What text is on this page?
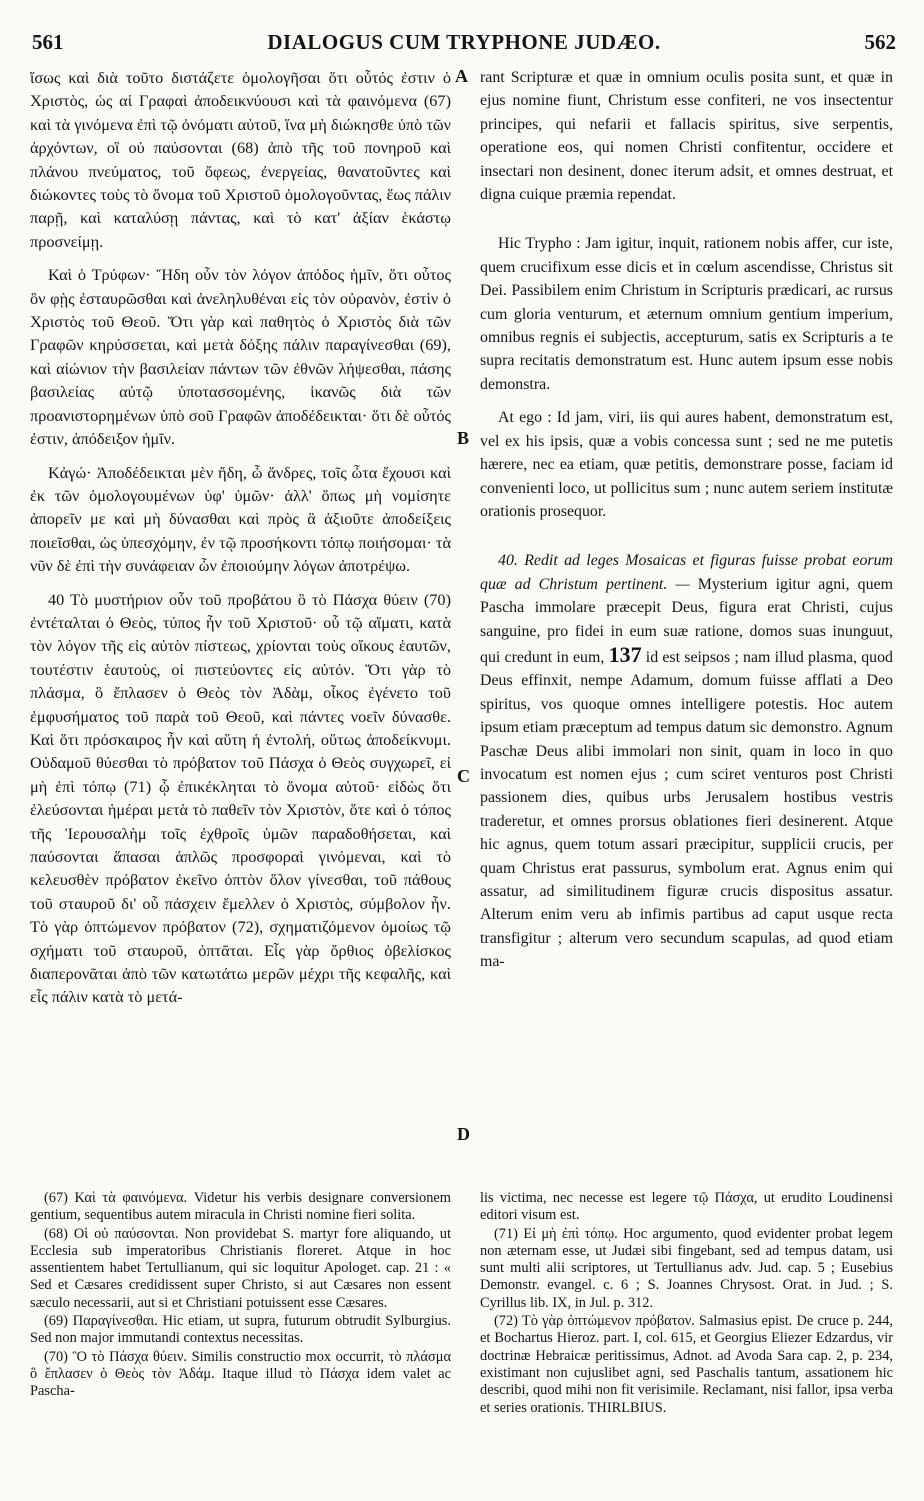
561	DIALOGUS CUM TRYPHONE JUDÆO.	562
A
B
C
D

ἴσως καὶ διὰ τοῦτο διστάζετε ὁμολογῆσαι ὅτι οὗτός ἐστιν ὁ Χριστὸς, ὡς αἱ Γραφαὶ ἀποδεικνύουσι καὶ τὰ φαινόμενα (67) καὶ τὰ γινόμενα ἐπὶ τῷ ὀνόματι αὐτοῦ, ἵνα μὴ διώκησθε ὑπὸ τῶν ἀρχόντων, οἳ οὐ παύσονται (68) ἀπὸ τῆς τοῦ πονηροῦ καὶ πλάνου πνεύματος, τοῦ ὄφεως, ἐνεργείας, θανατοῦντες καὶ διώκοντες τοὺς τὸ ὄνομα τοῦ Χριστοῦ ὁμολογοῦντας, ἕως πάλιν παρῇ, καὶ καταλύσῃ πάντας, καὶ τὸ κατ' ἀξίαν ἑκάστῳ προσνείμῃ.

Καὶ ὁ Τρύφων· Ἤδη οὖν τὸν λόγον ἀπόδος ἡμῖν, ὅτι οὗτος ὃν φῂς ἐσταυρῶσθαι καὶ ἀνεληλυθέναι εἰς τὸν οὐρανὸν, ἐστὶν ὁ Χριστὸς τοῦ Θεοῦ. Ὅτι γὰρ καὶ παθητὸς ὁ Χριστὸς διὰ τῶν Γραφῶν κηρύσσεται, καὶ μετὰ δόξης πάλιν παραγίνεσθαι (69), καὶ αἰώνιον τὴν βασιλείαν πάντων τῶν ἐθνῶν λήψεσθαι, πάσης βασιλείας αὐτῷ ὑποτασσομένης, ἱκανῶς διὰ τῶν προανιστορημένων ὑπὸ σοῦ Γραφῶν ἀποδέδεικται· ὅτι δὲ οὗτός ἐστιν, ἀπόδειξον ἡμῖν.

Κἀγώ· Ἀποδέδεικται μὲν ἤδη, ὦ ἄνδρες, τοῖς ὦτα ἔχουσι καὶ ἐκ τῶν ὁμολογουμένων ὑφ' ὑμῶν· ἀλλ' ὅπως μὴ νομίσητε ἀπορεῖν με καὶ μὴ δύνασθαι καὶ πρὸς ἃ ἀξιοῦτε ἀποδείξεις ποιεῖσθαι, ὡς ὑπεσχόμην, ἐν τῷ προσήκοντι τόπῳ ποιήσομαι· τὰ νῦν δὲ ἐπὶ τὴν συνάφειαν ὧν ἐποιούμην λόγων ἀποτρέψω.

40 Τὸ μυστήριον οὖν τοῦ προβάτου ὃ τὸ Πάσχα θύειν (70) ἐντέταλται ὁ Θεὸς, τύπος ἦν τοῦ Χριστοῦ· οὗ τῷ αἵματι, κατὰ τὸν λόγον τῆς εἰς αὐτὸν πίστεως, χρίονται τοὺς οἴκους ἑαυτῶν, τουτέστιν ἑαυτοὺς, οἱ πιστεύοντες εἰς αὐτόν. Ὅτι γὰρ τὸ πλάσμα, ὃ ἔπλασεν ὁ Θεὸς τὸν Ἀδὰμ, οἶκος ἐγένετο τοῦ ἐμφυσήματος τοῦ παρὰ τοῦ Θεοῦ, καὶ πάντες νοεῖν δύνασθε. Καὶ ὅτι πρόσκαιρος ἦν καὶ αὕτη ἡ ἐντολή, οὕτως ἀποδείκνυμι. Οὐδαμοῦ θύεσθαι τὸ πρόβατον τοῦ Πάσχα ὁ Θεὸς συγχωρεῖ, εἰ μὴ ἐπὶ τόπῳ (71) ᾧ ἐπικέκληται τὸ ὄνομα αὐτοῦ· εἰδὼς ὅτι ἐλεύσονται ἡμέραι μετὰ τὸ παθεῖν τὸν Χριστὸν, ὅτε καὶ ὁ τόπος τῆς Ἱερουσαλὴμ τοῖς ἐχθροῖς ὑμῶν παραδοθήσεται, καὶ παύσονται ἅπασαι ἁπλῶς προσφοραὶ γινόμεναι, καὶ τὸ κελευσθὲν πρόβατον ἐκεῖνο ὀπτὸν ὅλον γίνεσθαι, τοῦ πάθους τοῦ σταυροῦ δι' οὗ πάσχειν ἔμελλεν ὁ Χριστὸς, σύμβολον ἦν. Τὸ γὰρ ὀπτώμενον πρόβατον (72), σχηματιζόμενον ὁμοίως τῷ σχήματι τοῦ σταυροῦ, ὀπτᾶται. Εἷς γὰρ ὄρθιος ὀβελίσκος διαπερονᾶται ἀπὸ τῶν κατωτάτω μερῶν μέχρι τῆς κεφαλῆς, καὶ εἷς πάλιν κατὰ τὸ μετά-

rant Scripturæ et quæ in omnium oculis posita sunt, et quæ in ejus nomine fiunt, Christum esse confiteri, ne vos insectentur principes, qui nefarii et fallacis spiritus, sive serpentis, operatione eos, qui nomen Christi confitentur, occidere et insectari non desinent, donec iterum adsit, et omnes destruat, et digna cuique præmia rependat.

Hic Trypho : Jam igitur, inquit, rationem nobis affer, cur iste, quem crucifixum esse dicis et in cœlum ascendisse, Christus sit Dei. Passibilem enim Christum in Scripturis prædicari, ac rursus cum gloria venturum, et æternum omnium gentium imperium, omnibus regnis ei subjectis, accepturum, satis ex Scripturis a te supra recitatis demonstratum est. Hunc autem ipsum esse nobis demonstra.

At ego : Id jam, viri, iis qui aures habent, demonstratum est, vel ex his ipsis, quæ a vobis concessa sunt ; sed ne me putetis hærere, nec ea etiam, quæ petitis, demonstrare posse, faciam id convenienti loco, ut pollicitus sum ; nunc autem seriem institutæ orationis prosequor.

40. Redit ad leges Mosaicas et figuras fuisse probat eorum quæ ad Christum pertinent. — Mysterium igitur agni, quem Pascha immolare præcepit Deus, figura erat Christi, cujus sanguine, pro fidei in eum suæ ratione, domos suas inunguut, qui credunt in eum, 137 id est seipsos ; nam illud plasma, quod Deus effinxit, nempe Adamum, domum fuisse afflati a Deo spiritus, vos quoque omnes intelligere potestis. Hoc autem ipsum etiam præceptum ad tempus datum sic demonstro. Agnum Paschæ Deus alibi immolari non sinit, quam in loco in quo invocatum est nomen ejus ; cum sciret venturos post Christi passionem dies, quibus urbs Jerusalem hostibus vestris traderetur, et omnes prorsus oblationes fieri desinerent. Atque hic agnus, quem totum assari præcipitur, supplicii crucis, per quam Christus erat passurus, symbolum erat. Agnus enim qui assatur, ad similitudinem figuræ crucis dispositus assatur. Alterum enim veru ab infimis partibus ad caput usque recta transfigitur ; alterum vero secundum scapulas, ad quod etiam ma-

(67) Καὶ τὰ φαινόμενα. Videtur his verbis designare conversionem gentium, sequentibus autem miracula in Christi nomine fieri solita.

(68) Οἱ οὐ παύσονται. Non providebat S. martyr fore aliquando, ut Ecclesia sub imperatoribus Christianis floreret. Atque in hoc assentientem habet Tertullianum, qui sic loquitur Apologet. cap. 21 : « Sed et Cæsares credidissent super Christo, si aut Cæsares non essent sæculo necessarii, aut si et Christiani potuissent esse Cæsares.

(69) Παραγίνεσθαι. Hic etiam, ut supra, futurum obtrudit Sylburgius. Sed non major immutandi contextus necessitas.

(70) Ὃ τὸ Πάσχα θύειν. Similis constructio mox occurrit, τὸ πλάσμα ὃ ἔπλασεν ὁ Θεὸς τὸν Ἀδάμ. Itaque illud τὸ Πάσχα idem valet ac Pascha-

lis victima, nec necesse est legere τῷ Πάσχα, ut erudito Loudinensi editori visum est.

(71) Εἰ μὴ ἐπὶ τόπῳ. Hoc argumento, quod evidenter probat legem non æternam esse, ut Judæi sibi fingebant, sed ad tempus datam, usi sunt multi alii scriptores, ut Tertullianus adv. Jud. cap. 5 ; Eusebius Demonstr. evangel. c. 6 ; S. Joannes Chrysost. Orat. in Jud. ; S. Cyrillus lib. IX, in Jul. p. 312.

(72) Τὸ γὰρ ὀπτώμενον πρόβατον. Salmasius epist. De cruce p. 244, et Bochartus Hieroz. part. I, col. 615, et Georgius Eliezer Edzardus, vir doctrinæ Hebraicæ peritissimus, Adnot. ad Avoda Sara cap. 2, p. 234, existimant non cujuslibet agni, sed Paschalis tantum, assationem hic describi, quod mihi non fit verisimile. Reclamant, nisi fallor, ipsa verba et series orationis. THIRLBIUS.
